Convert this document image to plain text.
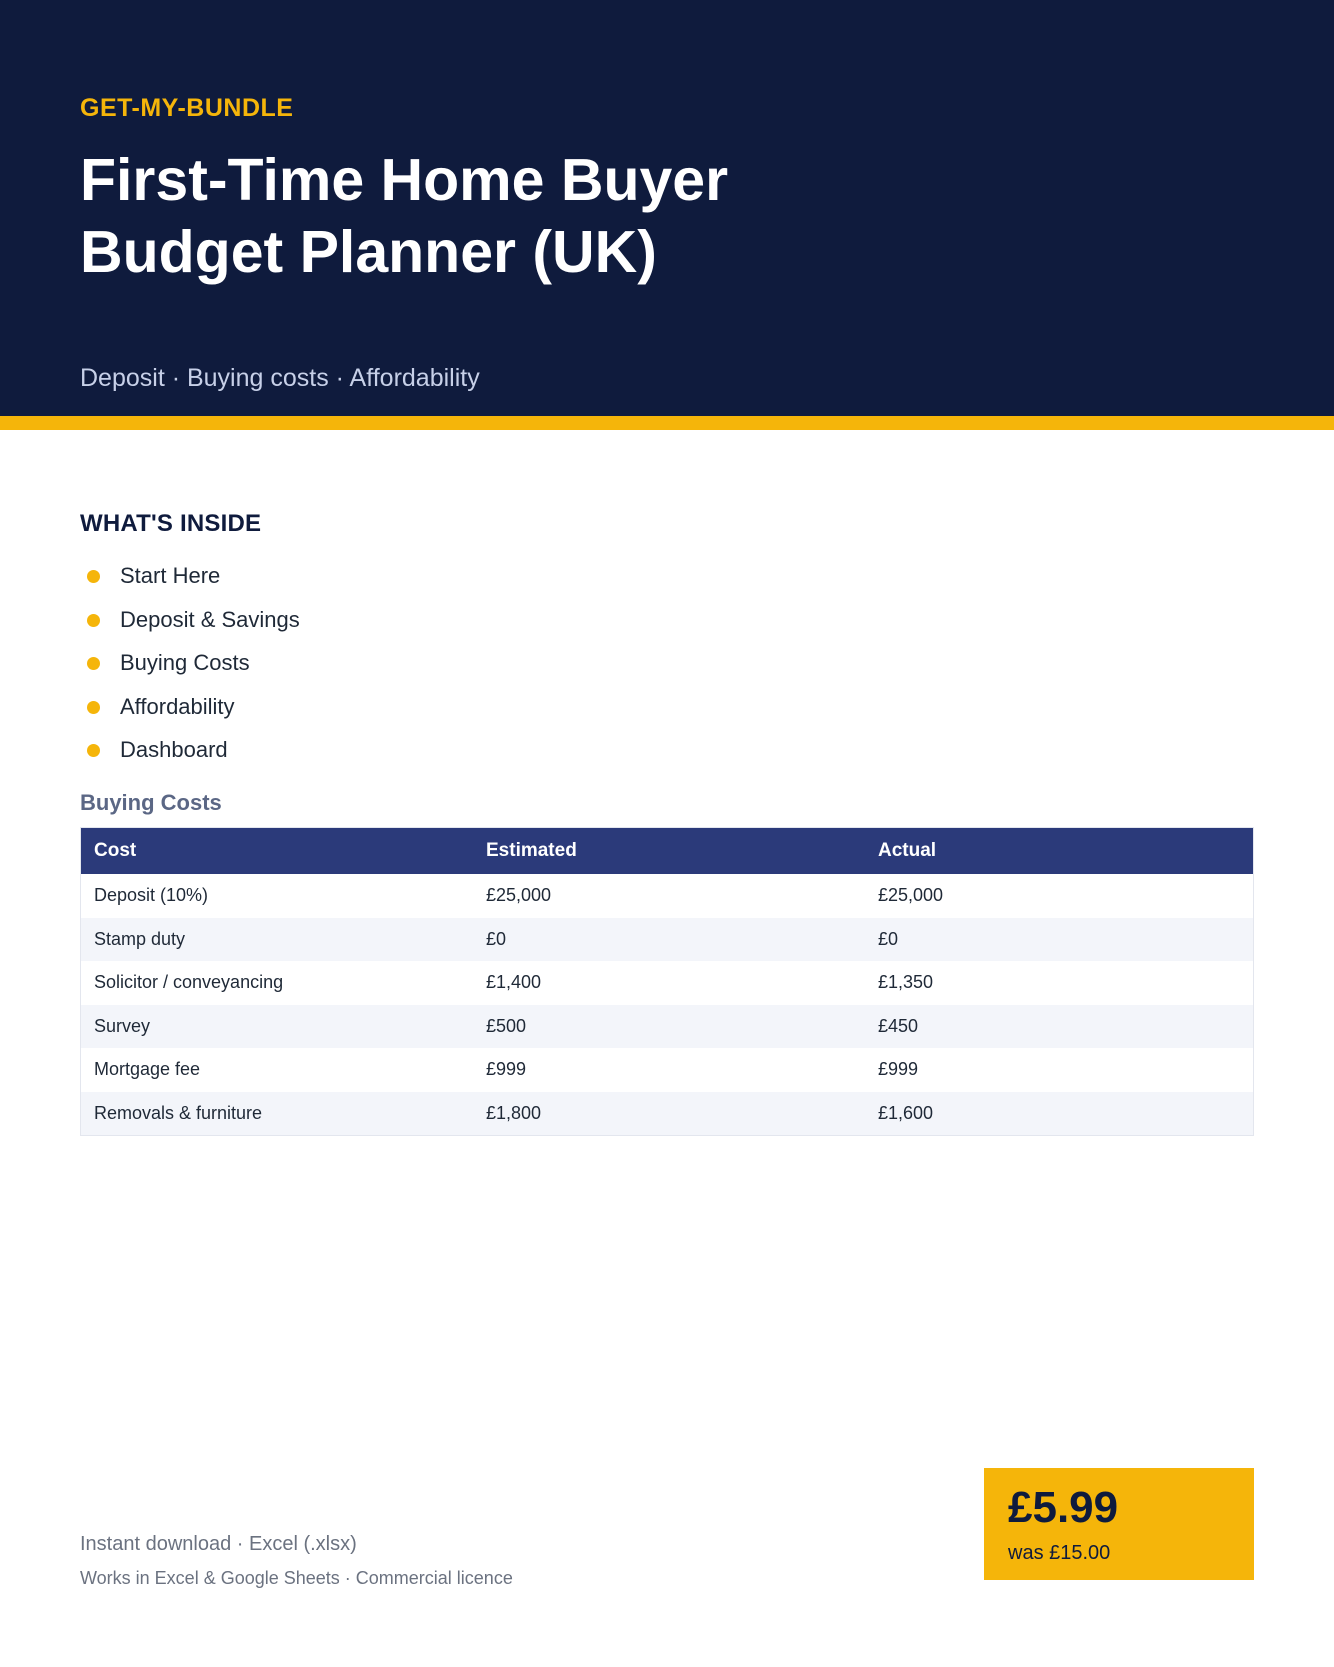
GET-MY-BUNDLE
First-Time Home Buyer
Budget Planner (UK)
Deposit · Buying costs · Affordability
WHAT'S INSIDE
Start Here
Deposit & Savings
Buying Costs
Affordability
Dashboard
Buying Costs
Cost	Estimated	Actual
Deposit (10%)	£25,000	£25,000
Stamp duty	£0	£0
Solicitor / conveyancing	£1,400	£1,350
Survey	£500	£450
Mortgage fee	£999	£999
Removals & furniture	£1,800	£1,600
Instant download · Excel (.xlsx)
Works in Excel & Google Sheets · Commercial licence
£5.99
was £15.00
